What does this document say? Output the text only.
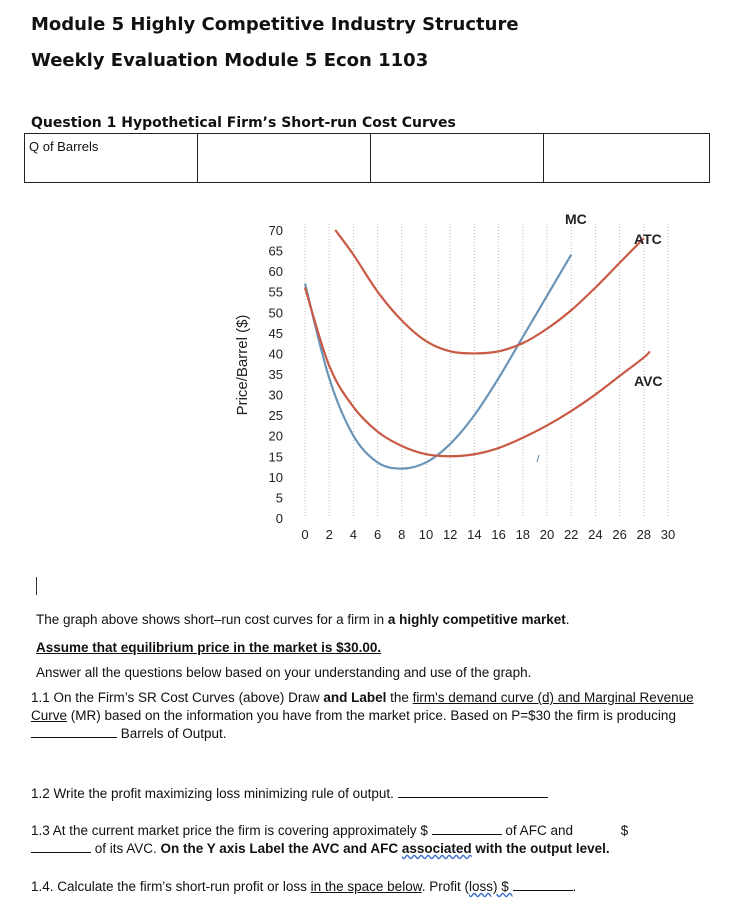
Module 5 Highly Competitive Industry Structure
Weekly Evaluation Module 5 Econ 1103
Question 1 Hypothetical Firm’s Short-run Cost Curves
Q of Barrels			
Price/Barrel ($)
0
5
10
15
20
25
30
35
40
45
50
55
60
65
70
0 2 4 6 8 10 12 14 16 18 20 22 24 26 28 30
MC
ATC
AVC
The graph above shows short–run cost curves for a firm in a highly competitive market.
Assume that equilibrium price in the market is $30.00.
Answer all the questions below based on your understanding and use of the graph.
1.1 On the Firm’s SR Cost Curves (above) Draw and Label the firm's demand curve (d) and Marginal Revenue Curve (MR) based on the information you have from the market price. Based on P=$30 the firm is producing  Barrels of Output.
1.2 Write the profit maximizing loss minimizing rule of output.
1.3 At the current market price the firm is covering approximately $	of AFC and	$
of its AVC. On the Y axis Label the AVC and AFC associated with the output level.
1.4. Calculate the firm’s short-run profit or loss in the space below. Profit (loss) $	.
